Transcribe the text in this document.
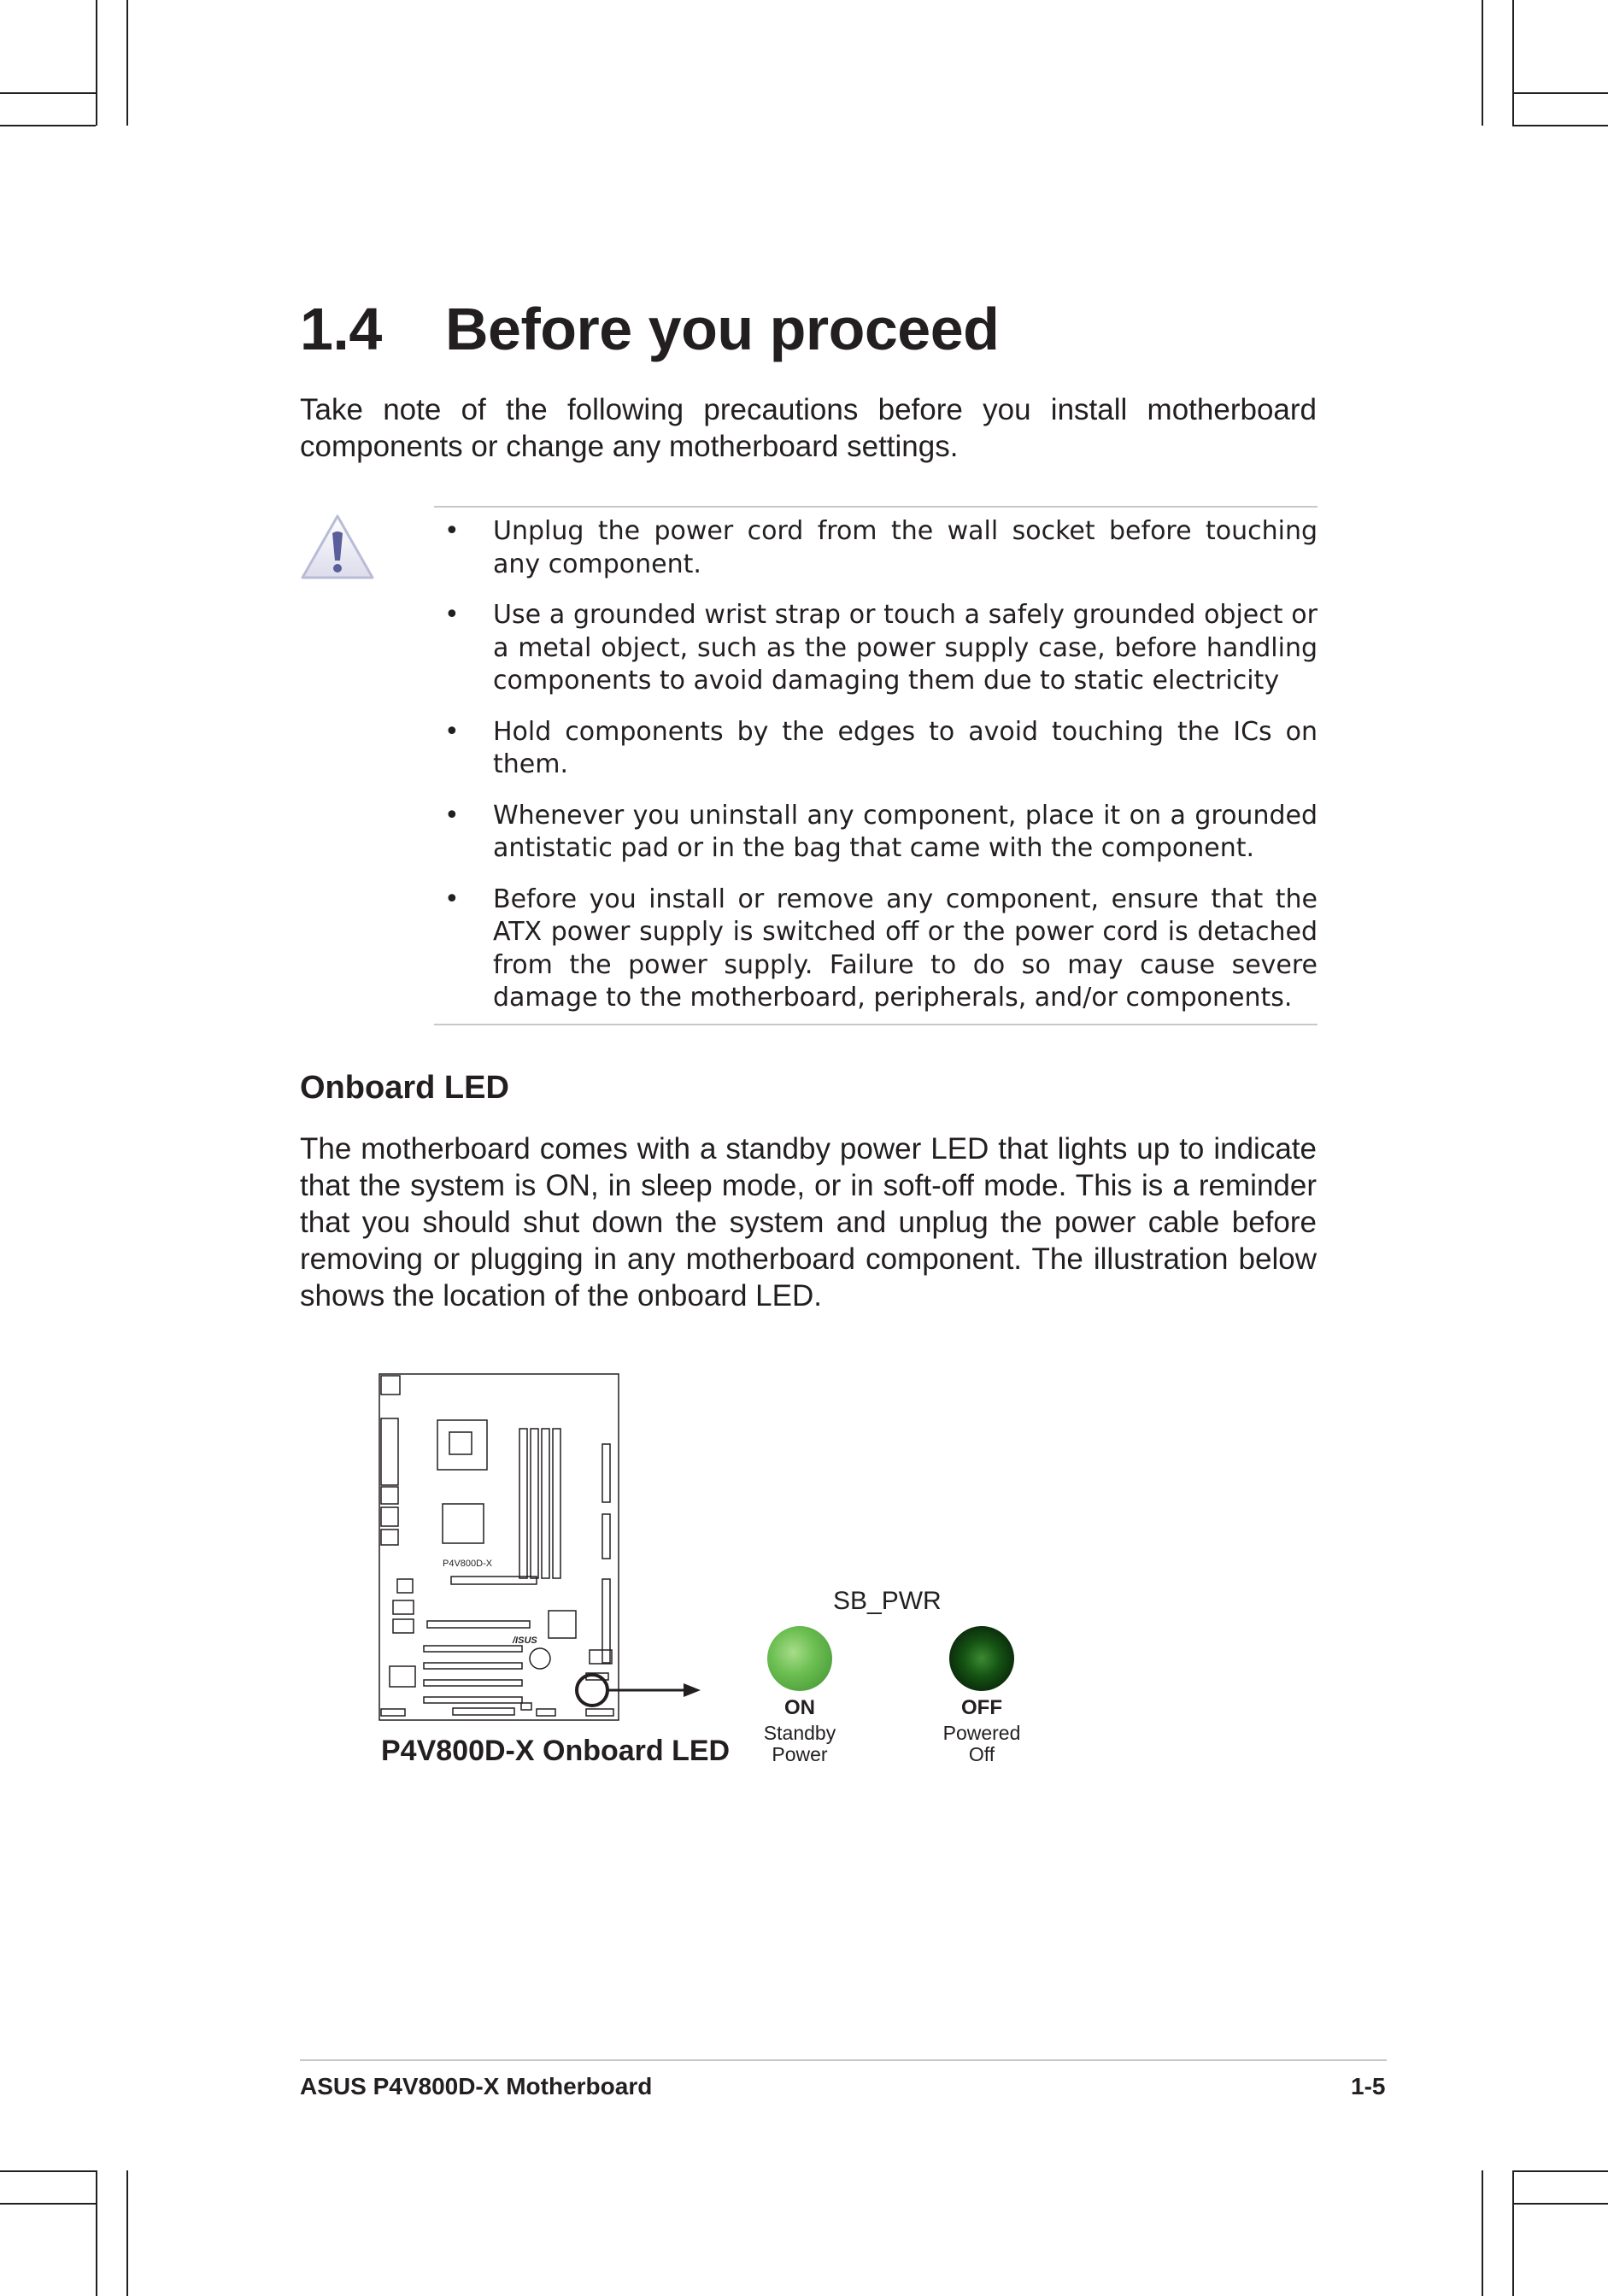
1.4 Before you proceed
Take note of the following precautions before you install motherboard components or change any motherboard settings.
• Unplug the power cord from the wall socket before touching any component.
• Use a grounded wrist strap or touch a safely grounded object or a metal object, such as the power supply case, before handling components to avoid damaging them due to static electricity
• Hold components by the edges to avoid touching the ICs on them.
• Whenever you uninstall any component, place it on a grounded antistatic pad or in the bag that came with the component.
• Before you install or remove any component, ensure that the ATX power supply is switched off or the power cord is detached from the power supply. Failure to do so may cause severe damage to the motherboard, peripherals, and/or components.
Onboard LED
The motherboard comes with a standby power LED that lights up to indicate that the system is ON, in sleep mode, or in soft-off mode. This is a reminder that you should shut down the system and unplug the power cable before removing or plugging in any motherboard component. The illustration below shows the location of the onboard LED.
P4V800D-X
/ISUS
P4V800D-X Onboard LED
SB_PWR
ON
Standby
Power
OFF
Powered
Off
ASUS P4V800D-X Motherboard	1-5
